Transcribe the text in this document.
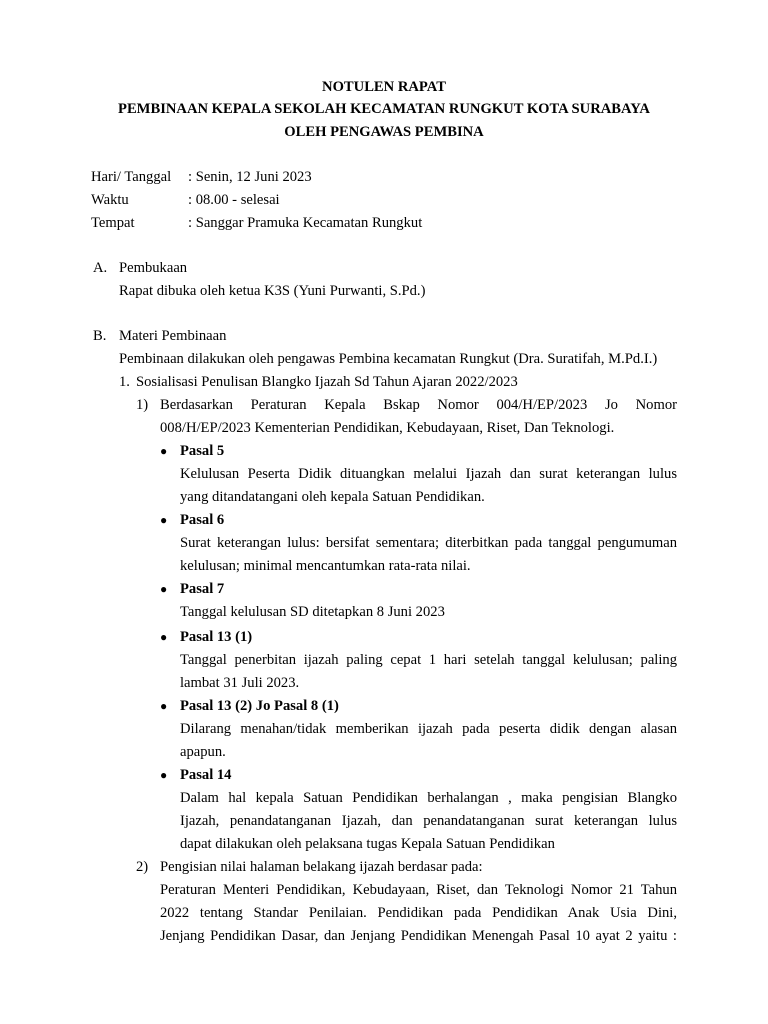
NOTULEN RAPAT

PEMBINAAN KEPALA SEKOLAH KECAMATAN RUNGKUT KOTA SURABAYA

OLEH PENGAWAS PEMBINA

Hari/ Tanggal	: Senin, 12 Juni 2023
Waktu	: 08.00 - selesai
Tempat	: Sanggar Pramuka Kecamatan Rungkut
A. Pembukaan
Rapat dibuka oleh ketua K3S (Yuni Purwanti, S.Pd.)
B. Materi Pembinaan
Pembinaan dilakukan oleh pengawas Pembina kecamatan Rungkut (Dra. Suratifah, M.Pd.I.)
1. Sosialisasi Penulisan Blangko Ijazah Sd Tahun Ajaran 2022/2023
1) Berdasarkan Peraturan Kepala Bskap Nomor 004/H/EP/2023 Jo Nomor
008/H/EP/2023 Kementerian Pendidikan, Kebudayaan, Riset, Dan Teknologi.
● Pasal 5
Kelulusan Peserta Didik dituangkan melalui Ijazah dan surat keterangan lulus
yang ditandatangani oleh kepala Satuan Pendidikan.
● Pasal 6
Surat keterangan lulus: bersifat sementara; diterbitkan pada tanggal pengumuman
kelulusan; minimal mencantumkan rata-rata nilai.
● Pasal 7
Tanggal kelulusan SD ditetapkan 8 Juni 2023
● Pasal 13 (1)
Tanggal penerbitan ijazah paling cepat 1 hari setelah tanggal kelulusan; paling
lambat 31 Juli 2023.
● Pasal 13 (2) Jo Pasal 8 (1)
Dilarang menahan/tidak memberikan ijazah pada peserta didik dengan alasan
apapun.
● Pasal 14
Dalam hal kepala Satuan Pendidikan berhalangan , maka pengisian Blangko
Ijazah, penandatanganan Ijazah, dan penandatanganan surat keterangan lulus
dapat dilakukan oleh pelaksana tugas Kepala Satuan Pendidikan
2) Pengisian nilai halaman belakang ijazah berdasar pada:
Peraturan Menteri Pendidikan, Kebudayaan, Riset, dan Teknologi Nomor 21 Tahun
2022 tentang Standar Penilaian. Pendidikan pada Pendidikan Anak Usia Dini,
Jenjang Pendidikan Dasar, dan Jenjang Pendidikan Menengah Pasal 10 ayat 2 yaitu :
